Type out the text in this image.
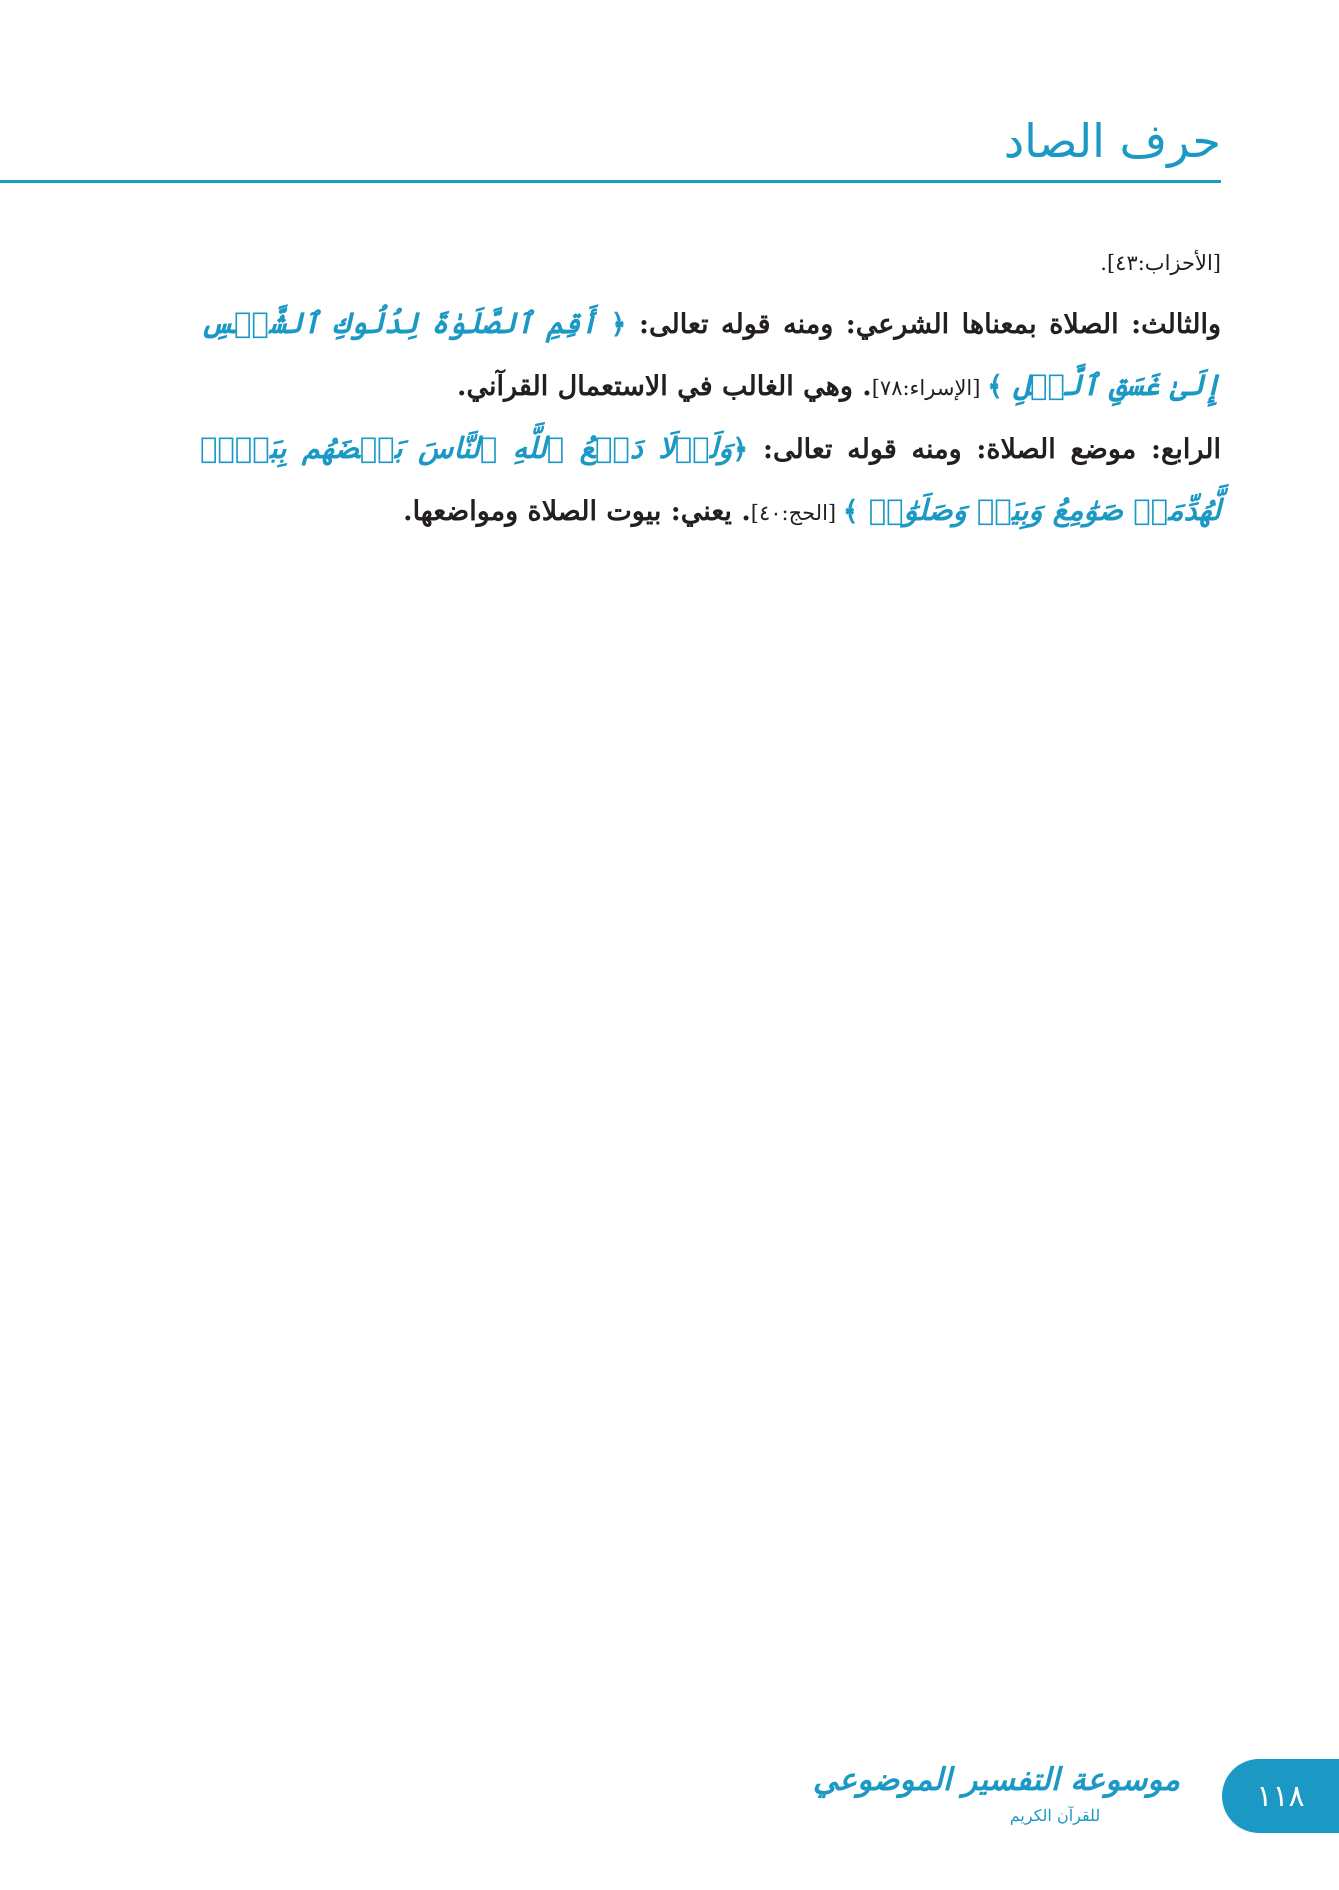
حرف الصاد

[الأحزاب:٤٣].

والثالث: الصلاة بمعناها الشرعي: ومنه قوله تعالى: ﴿ أَقِمِ ٱلصَّلَوٰةَ لِدُلُوكِ ٱلشَّمۡسِ إِلَىٰ غَسَقِ ٱلَّيۡلِ ﴾ [الإسراء:٧٨]. وهي الغالب في الاستعمال القرآني.

الرابع: موضع الصلاة: ومنه قوله تعالى: ﴿وَلَوۡلَا دَفۡعُ ٱللَّهِ ٱلنَّاسَ بَعۡضَهُم بِبَعۡضٖ لَّهُدِّمَتۡ صَوَٰمِعُ وَبِيَعٞ وَصَلَوَٰتٞ ﴾ [الحج:٤٠]. يعني: بيوت الصلاة ومواضعها.

موسوعة التفسير الموضوعي
للقرآن الكريم
١١٨
